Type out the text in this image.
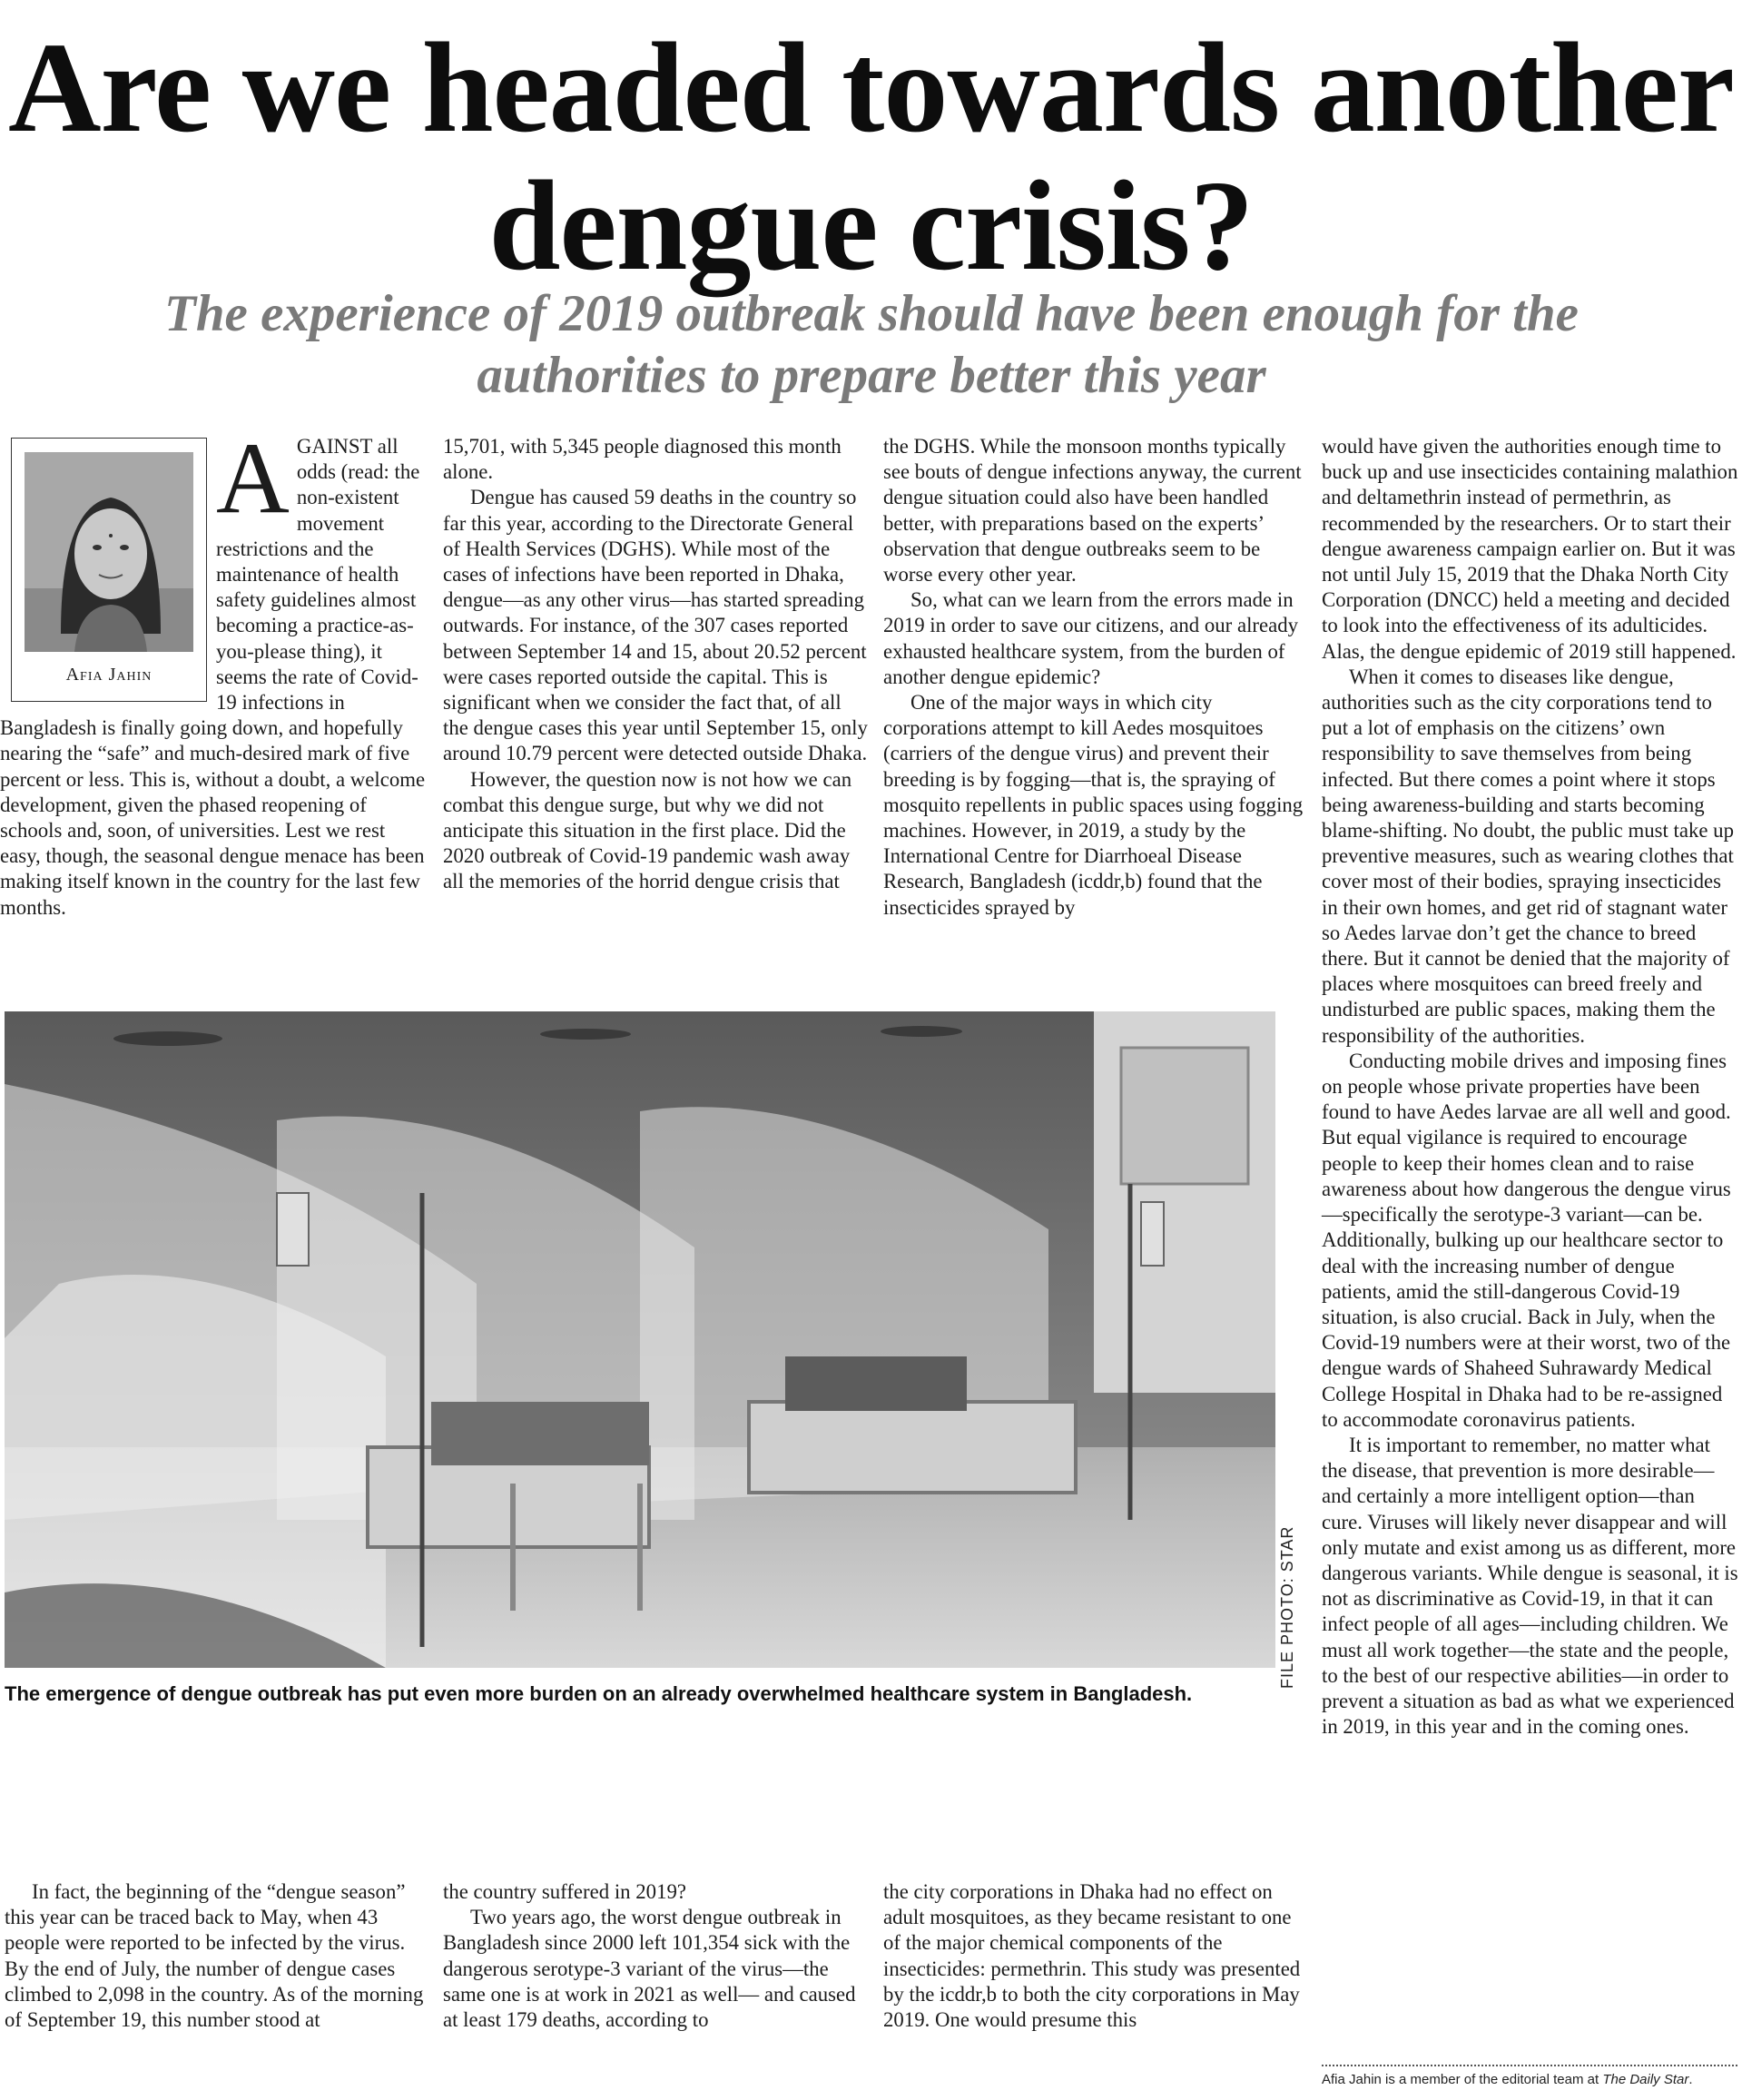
Are we headed towards another dengue crisis?
The experience of 2019 outbreak should have been enough for the authorities to prepare better this year
Afia Jahin
A GAINST all odds (read: the non-existent movement restrictions and the maintenance of health safety guidelines almost becoming a practice-as-you-please thing), it seems the rate of Covid-19 infections in Bangladesh is finally going down, and hopefully nearing the “safe” and much-desired mark of five percent or less. This is, without a doubt, a welcome development, given the phased reopening of schools and, soon, of universities. Lest we rest easy, though, the seasonal dengue menace has been making itself known in the country for the last few months.

15,701, with 5,345 people diagnosed this month alone.

Dengue has caused 59 deaths in the country so far this year, according to the Directorate General of Health Services (DGHS). While most of the cases of infections have been reported in Dhaka, dengue—as any other virus—has started spreading outwards. For instance, of the 307 cases reported between September 14 and 15, about 20.52 percent were cases reported outside the capital. This is significant when we consider the fact that, of all the dengue cases this year until September 15, only around 10.79 percent were detected outside Dhaka.

However, the question now is not how we can combat this dengue surge, but why we did not anticipate this situation in the first place. Did the 2020 outbreak of Covid-19 pandemic wash away all the memories of the horrid dengue crisis that

the DGHS. While the monsoon months typically see bouts of dengue infections anyway, the current dengue situation could also have been handled better, with preparations based on the experts’ observation that dengue outbreaks seem to be worse every other year.

So, what can we learn from the errors made in 2019 in order to save our citizens, and our already exhausted healthcare system, from the burden of another dengue epidemic?

One of the major ways in which city corporations attempt to kill Aedes mosquitoes (carriers of the dengue virus) and prevent their breeding is by fogging—that is, the spraying of mosquito repellents in public spaces using fogging machines. However, in 2019, a study by the International Centre for Diarrhoeal Disease Research, Bangladesh (icddr,b) found that the insecticides sprayed by

would have given the authorities enough time to buck up and use insecticides containing malathion and deltamethrin instead of permethrin, as recommended by the researchers. Or to start their dengue awareness campaign earlier on. But it was not until July 15, 2019 that the Dhaka North City Corporation (DNCC) held a meeting and decided to look into the effectiveness of its adulticides. Alas, the dengue epidemic of 2019 still happened.

When it comes to diseases like dengue, authorities such as the city corporations tend to put a lot of emphasis on the citizens’ own responsibility to save themselves from being infected. But there comes a point where it stops being awareness-building and starts becoming blame-shifting. No doubt, the public must take up preventive measures, such as wearing clothes that cover most of their bodies, spraying insecticides in their own homes, and get rid of stagnant water so Aedes larvae don’t get the chance to breed there. But it cannot be denied that the majority of places where mosquitoes can breed freely and undisturbed are public spaces, making them the responsibility of the authorities.

Conducting mobile drives and imposing fines on people whose private properties have been found to have Aedes larvae are all well and good. But equal vigilance is required to encourage people to keep their homes clean and to raise awareness about how dangerous the dengue virus—specifically the serotype-3 variant—can be. Additionally, bulking up our healthcare sector to deal with the increasing number of dengue patients, amid the still-dangerous Covid-19 situation, is also crucial. Back in July, when the Covid-19 numbers were at their worst, two of the dengue wards of Shaheed Suhrawardy Medical College Hospital in Dhaka had to be re-assigned to accommodate coronavirus patients.

It is important to remember, no matter what the disease, that prevention is more desirable—and certainly a more intelligent option—than cure. Viruses will likely never disappear and will only mutate and exist among us as different, more dangerous variants. While dengue is seasonal, it is not as discriminative as Covid-19, in that it can infect people of all ages—including children. We must all work together—the state and the people, to the best of our respective abilities—in order to prevent a situation as bad as what we experienced in 2019, in this year and in the coming ones.

FILE PHOTO: STAR
The emergence of dengue outbreak has put even more burden on an already overwhelmed healthcare system in Bangladesh.

In fact, the beginning of the “dengue season” this year can be traced back to May, when 43 people were reported to be infected by the virus. By the end of July, the number of dengue cases climbed to 2,098 in the country. As of the morning of September 19, this number stood at

the country suffered in 2019?

Two years ago, the worst dengue outbreak in Bangladesh since 2000 left 101,354 sick with the dangerous serotype-3 variant of the virus—the same one is at work in 2021 as well— and caused at least 179 deaths, according to

the city corporations in Dhaka had no effect on adult mosquitoes, as they became resistant to one of the major chemical components of the insecticides: permethrin. This study was presented by the icddr,b to both the city corporations in May 2019. One would presume this

Afia Jahin is a member of the editorial team at The Daily Star.
